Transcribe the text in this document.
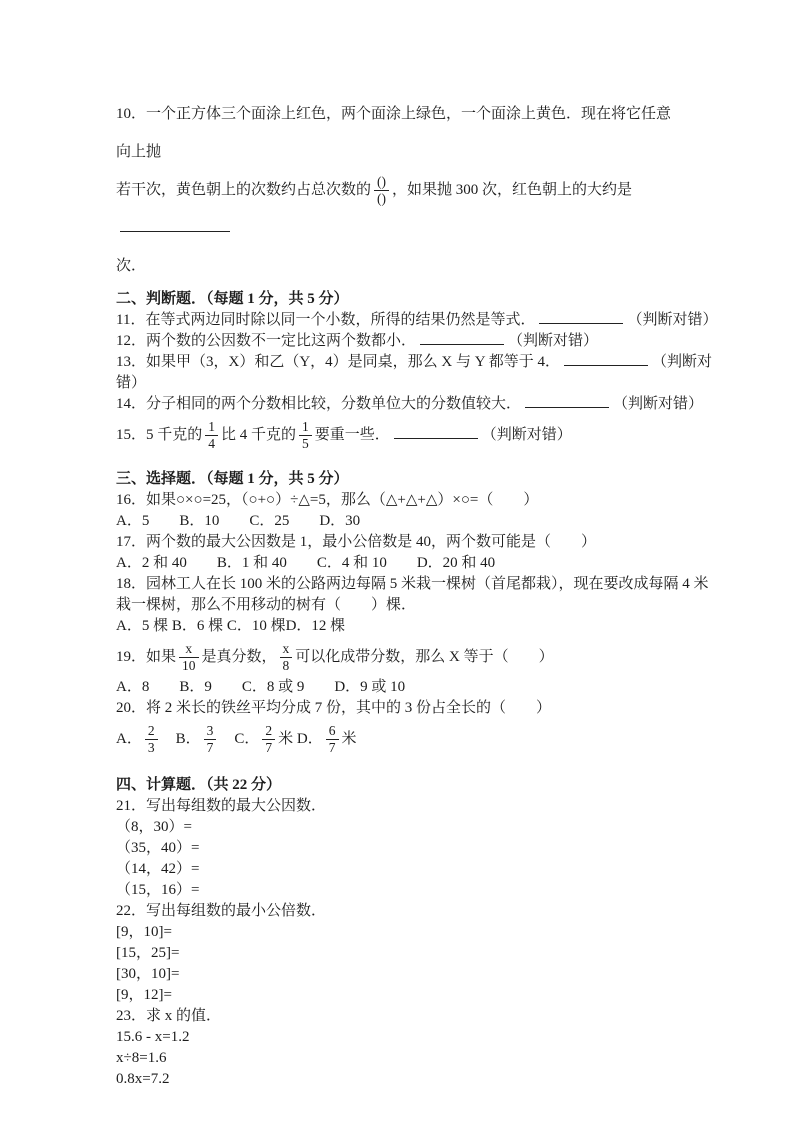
10．一个正方体三个面涂上红色，两个面涂上绿色，一个面涂上黄色．现在将它任意向上抛
若干次，黄色朝上的次数约占总次数的 $\frac{()}{()}$ ，如果抛 300 次，红色朝上的大约是
次．
二、判断题．（每题 1 分，共 5 分）
11．在等式两边同时除以同一个小数，所得的结果仍然是等式．	（判断对错）
12．两个数的公因数不一定比这两个数都小．	（判断对错）
13．如果甲（3，X）和乙（Y，4）是同桌，那么 X 与 Y 都等于 4．	（判断对
错）
14．分子相同的两个分数相比较，分数单位大的分数值较大．	（判断对错）
15．5 千克的 $\frac{1}{4}$ 比 4 千克的 $\frac{1}{5}$ 要重一些．	（判断对错）
三、选择题．（每题 1 分，共 5 分）
16．如果○×○=25，（○+○）÷△=5，那么（△+△+△）×○=（　　）
A．5　　B．10　　C．25　　D．30
17．两个数的最大公因数是 1，最小公倍数是 40，两个数可能是（　　）
A．2 和 40　　B．1 和 40　　C．4 和 10　　D．20 和 40
18．园林工人在长 100 米的公路两边每隔 5 米栽一棵树（首尾都栽），现在要改成每隔 4 米
栽一棵树，那么不用移动的树有（　　）棵．
A．5 棵 B．6 棵 C．10 棵D．12 棵
19．如果 $\frac{x}{10}$ 是真分数， $\frac{x}{8}$ 可以化成带分数，那么 X 等于（　　）
A．8　　B．9　　C．8 或 9　　D．9 或 10
20．将 2 米长的铁丝平均分成 7 份，其中的 3 份占全长的（　　）
A． $\frac{2}{3}$
　 B． $\frac{3}{7}$
　 C． $\frac{2}{7}$ 米 D． $\frac{6}{7}$ 米
四、计算题．（共 22 分）
21．写出每组数的最大公因数．
（8，30）=
（35，40）=
（14，42）=
（15，16）=
22．写出每组数的最小公倍数．
[9，10]=
[15，25]=
[30，10]=
[9，12]=
23．求 x 的值．
15.6 - x=1.2
x÷8=1.6
0.8x=7.2
